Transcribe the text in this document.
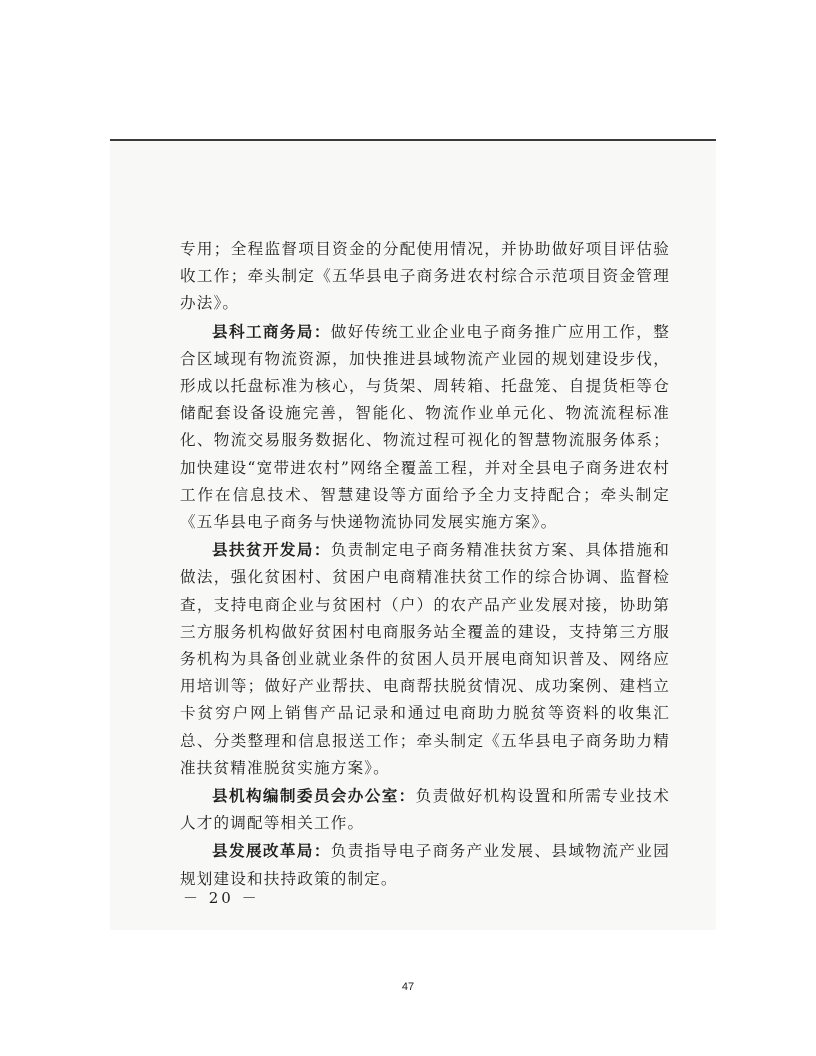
专用；全程监督项目资金的分配使用情况，并协助做好项目评估验收工作；牵头制定《五华县电子商务进农村综合示范项目资金管理办法》。

县科工商务局：做好传统工业企业电子商务推广应用工作，整合区域现有物流资源，加快推进县域物流产业园的规划建设步伐，形成以托盘标准为核心，与货架、周转箱、托盘笼、自提货柜等仓储配套设备设施完善，智能化、物流作业单元化、物流流程标准化、物流交易服务数据化、物流过程可视化的智慧物流服务体系；加快建设“宽带进农村”网络全覆盖工程，并对全县电子商务进农村工作在信息技术、智慧建设等方面给予全力支持配合；牵头制定《五华县电子商务与快递物流协同发展实施方案》。

县扶贫开发局：负责制定电子商务精准扶贫方案、具体措施和做法，强化贫困村、贫困户电商精准扶贫工作的综合协调、监督检查，支持电商企业与贫困村（户）的农产品产业发展对接，协助第三方服务机构做好贫困村电商服务站全覆盖的建设，支持第三方服务机构为具备创业就业条件的贫困人员开展电商知识普及、网络应用培训等；做好产业帮扶、电商帮扶脱贫情况、成功案例、建档立卡贫穷户网上销售产品记录和通过电商助力脱贫等资料的收集汇总、分类整理和信息报送工作；牵头制定《五华县电子商务助力精准扶贫精准脱贫实施方案》。

县机构编制委员会办公室：负责做好机构设置和所需专业技术人才的调配等相关工作。

县发展改革局：负责指导电子商务产业发展、县域物流产业园规划建设和扶持政策的制定。

－ 20 －
47
